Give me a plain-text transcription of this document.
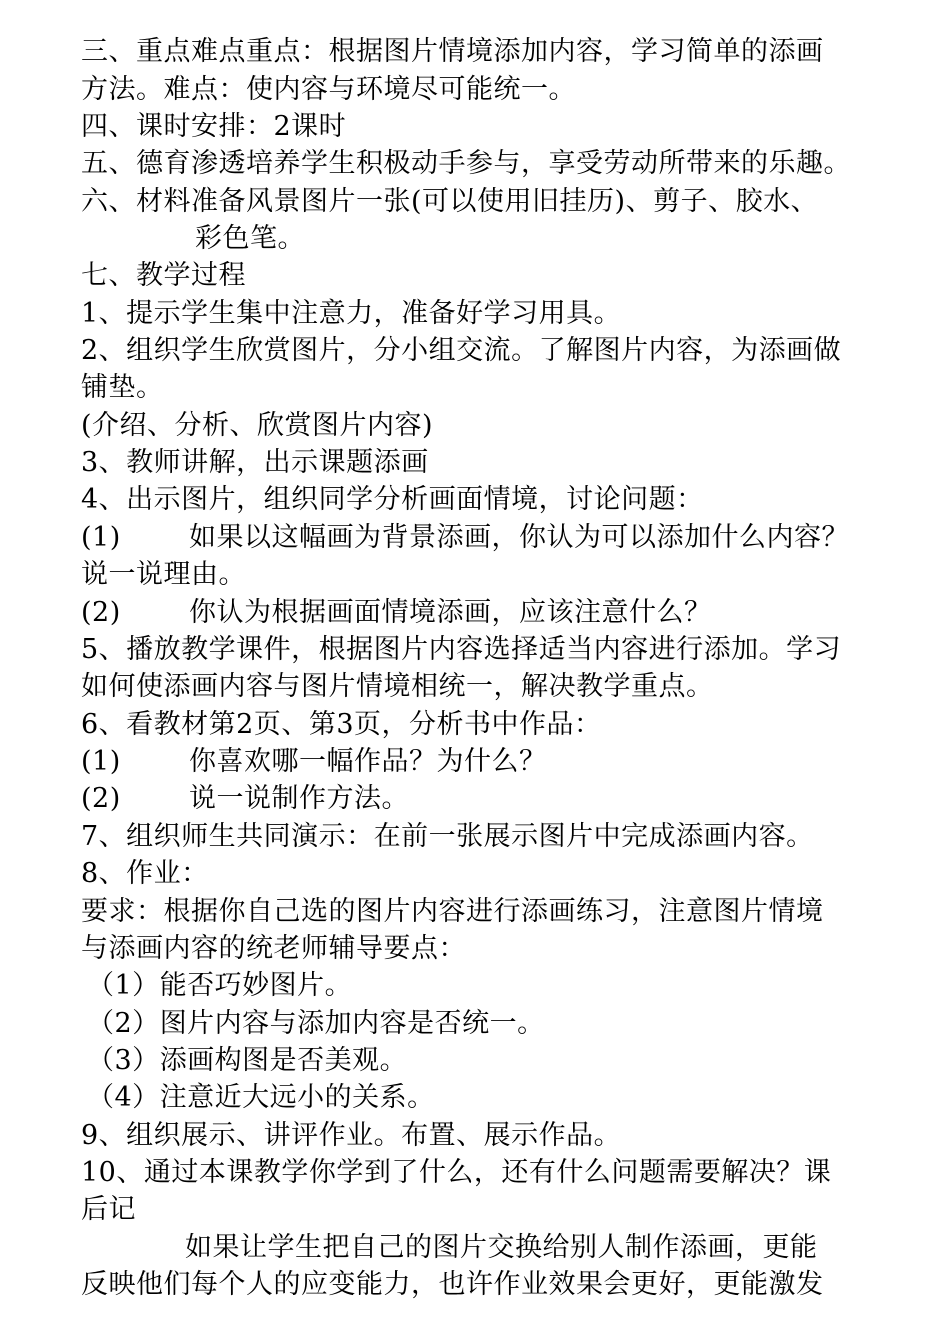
三、重点难点重点：根据图片情境添加内容，学习简单的添画
方法。难点：使内容与环境尽可能统一。
四、课时安排：2课时
五、德育渗透培养学生积极动手参与，享受劳动所带来的乐趣。
六、材料准备风景图片一张(可以使用旧挂历)、剪子、胶水、
彩色笔。
七、教学过程
1、提示学生集中注意力，准备好学习用具。
2、组织学生欣赏图片，分小组交流。了解图片内容，为添画做
铺垫。
(介绍、分析、欣赏图片内容)
3、教师讲解，出示课题添画
4、出示图片，组织同学分析画面情境，讨论问题：
(1)	如果以这幅画为背景添画，你认为可以添加什么内容？
说一说理由。
(2)	你认为根据画面情境添画，应该注意什么？
5、播放教学课件，根据图片内容选择适当内容进行添加。学习
如何使添画内容与图片情境相统一，解决教学重点。
6、看教材第2页、第3页，分析书中作品：
(1)	你喜欢哪一幅作品？为什么？
(2)	说一说制作方法。
7、组织师生共同演示：在前一张展示图片中完成添画内容。
8、作业：
要求：根据你自己选的图片内容进行添画练习，注意图片情境
与添画内容的统老师辅导要点：
（1）能否巧妙图片。
（2）图片内容与添加内容是否统一。
（3）添画构图是否美观。
（4）注意近大远小的关系。
9、组织展示、讲评作业。布置、展示作品。
10、通过本课教学你学到了什么，还有什么问题需要解决？课
后记
如果让学生把自己的图片交换给别人制作添画，更能
反映他们每个人的应变能力，也许作业效果会更好，更能激发
